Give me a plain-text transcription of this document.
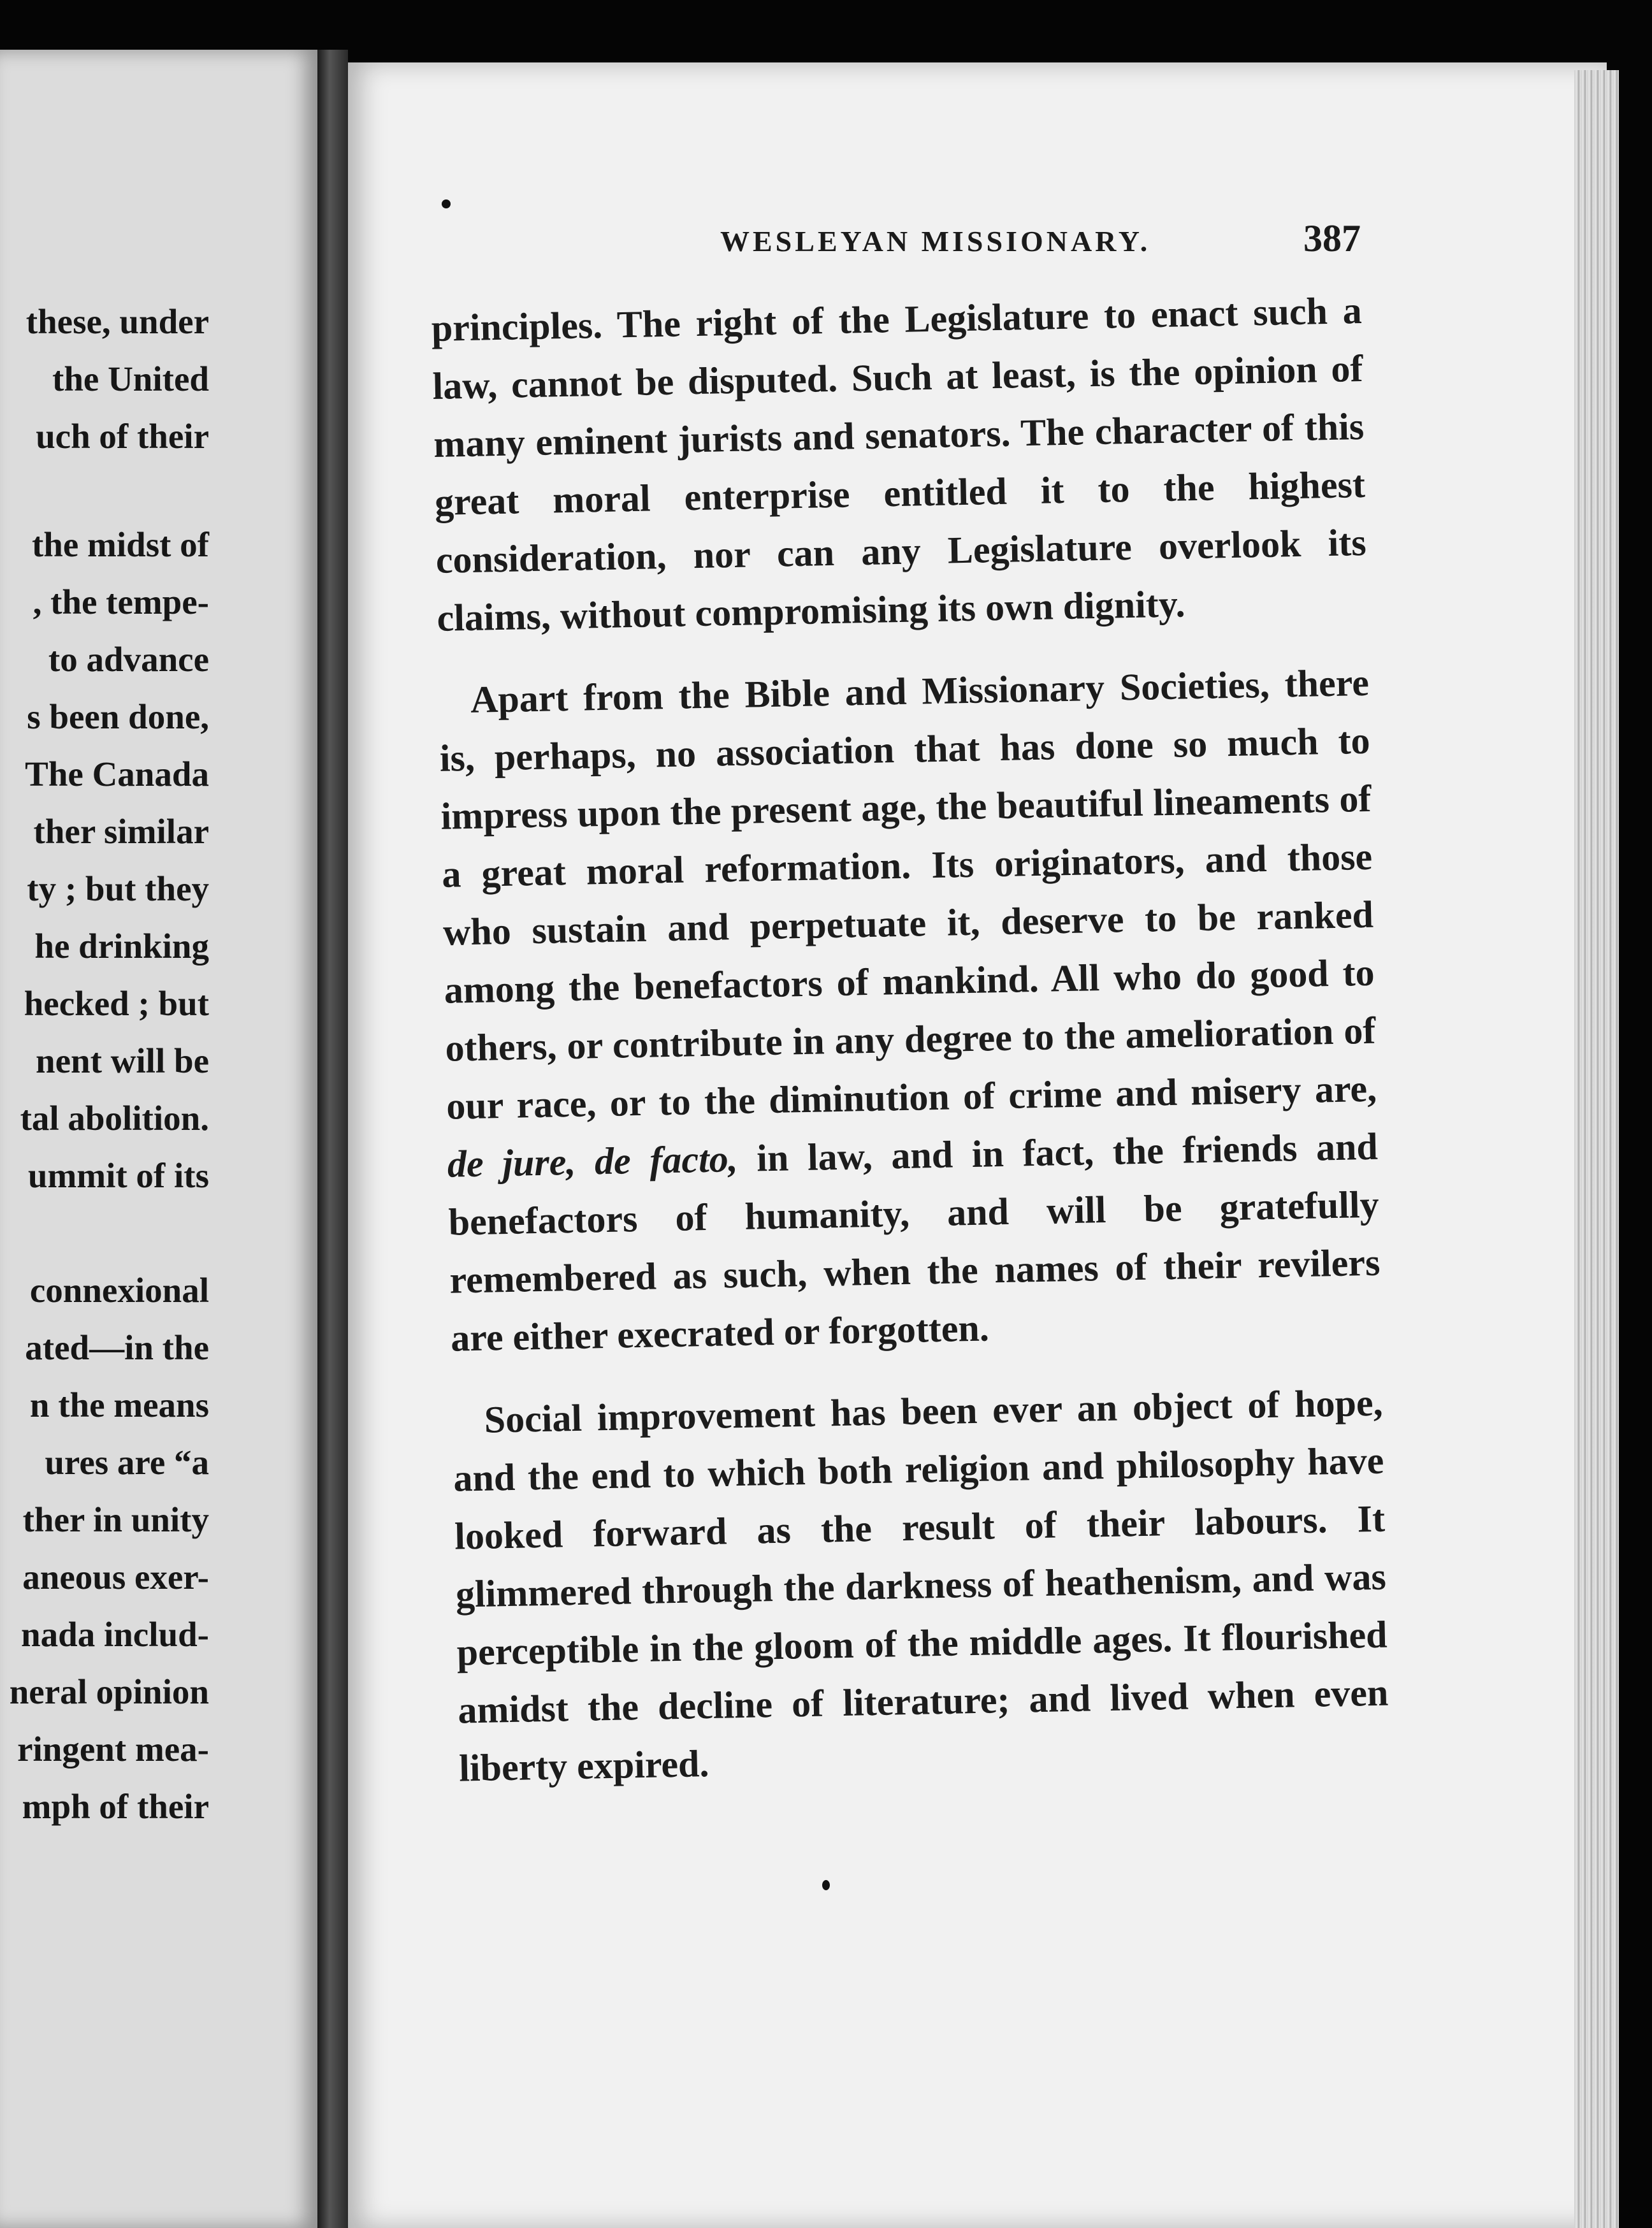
these, under
the United
uch of their
the midst of
, the tempe-
to advance
s been done,
The Canada
ther similar
ty ; but they
he drinking
hecked ; but
nent will be
tal abolition.
ummit of its
connexional
ated—in the
n the means
ures are “a
ther in unity
aneous exer-
nada includ-
neral opinion
ringent mea-
mph of their
WESLEYAN MISSIONARY.	387

principles. The right of the Legislature to enact such a law, cannot be disputed. Such at least, is the opinion of many eminent jurists and senators. The character of this great moral enterprise entitled it to the highest consideration, nor can any Legislature overlook its claims, without compromising its own dignity.

Apart from the Bible and Missionary Societies, there is, perhaps, no association that has done so much to impress upon the present age, the beautiful lineaments of a great moral reformation. Its originators, and those who sustain and perpetuate it, deserve to be ranked among the benefactors of mankind. All who do good to others, or contribute in any degree to the amelioration of our race, or to the diminution of crime and misery are, de jure, de facto, in law, and in fact, the friends and benefactors of humanity, and will be gratefully remembered as such, when the names of their revilers are either execrated or forgotten.

Social improvement has been ever an object of hope, and the end to which both religion and philosophy have looked forward as the result of their labours. It glimmered through the darkness of heathenism, and was perceptible in the gloom of the middle ages. It flourished amidst the decline of literature; and lived when even liberty expired.
